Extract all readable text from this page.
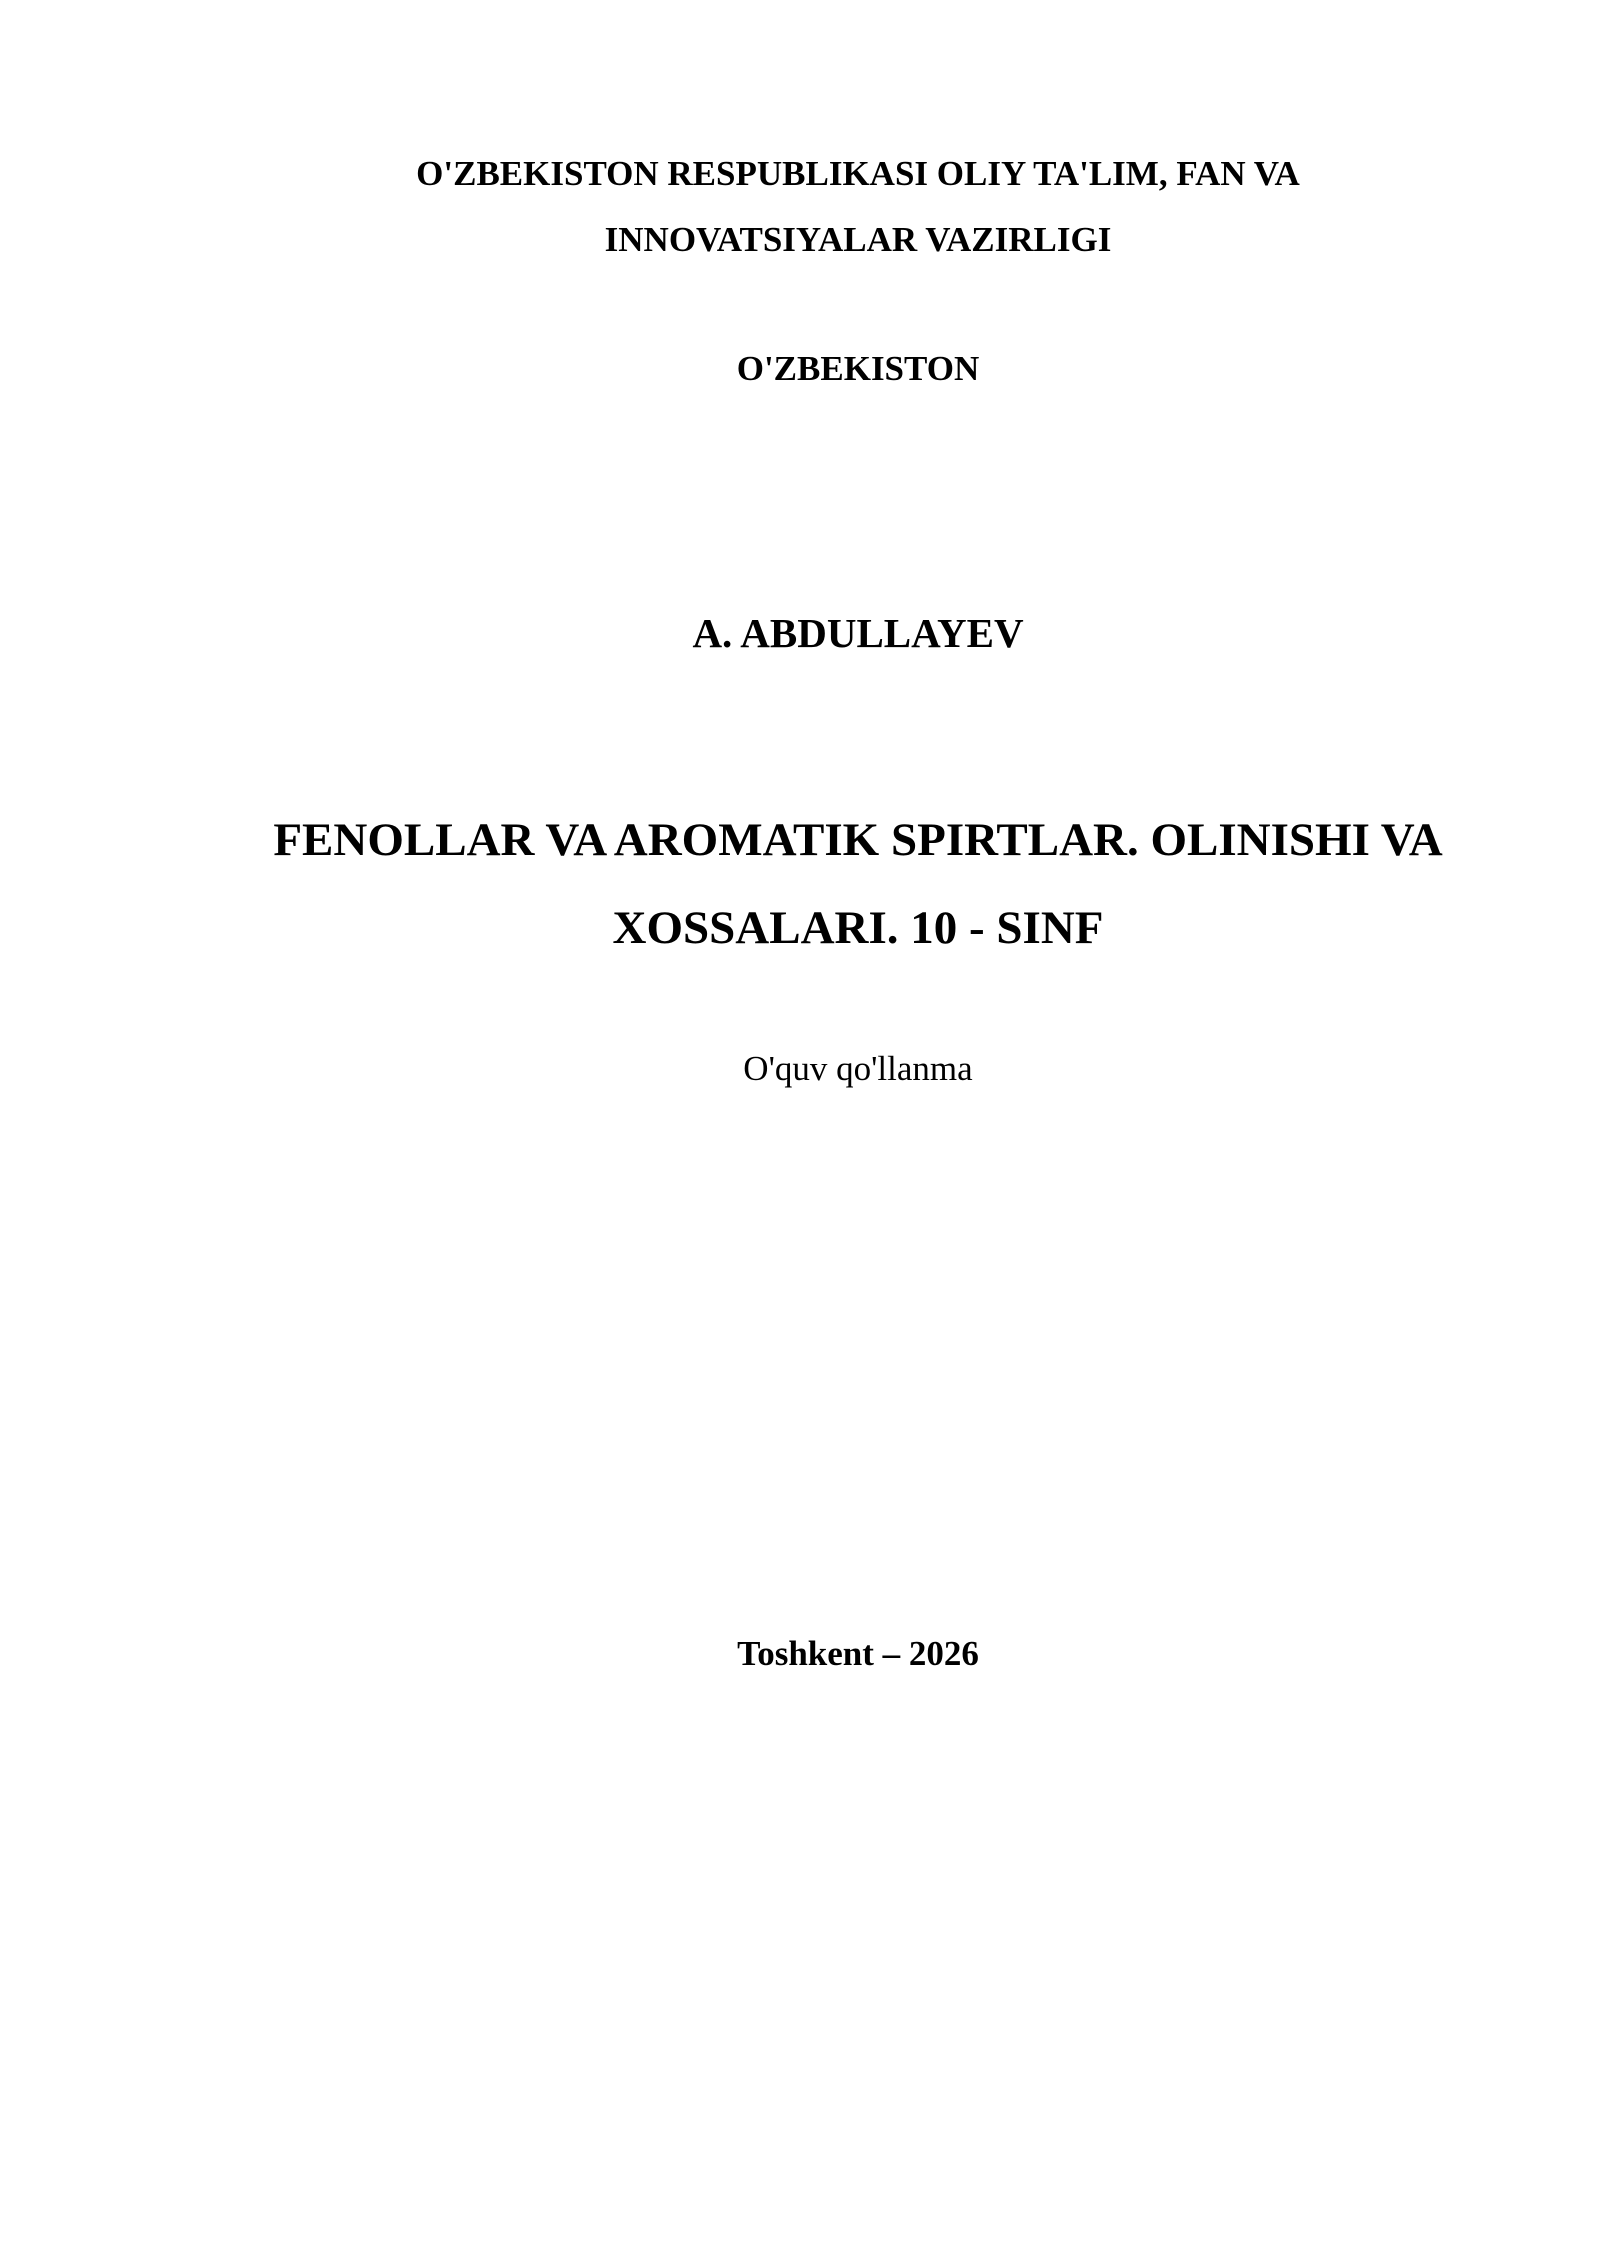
O'ZBEKISTON RESPUBLIKASI OLIY TA'LIM, FAN VA
INNOVATSIYALAR VAZIRLIGI
O'ZBEKISTON
A. ABDULLAYEV
FENOLLAR VA AROMATIK SPIRTLAR. OLINISHI VA
XOSSALARI. 10 - SINF
O'quv qo'llanma
Toshkent – 2026
